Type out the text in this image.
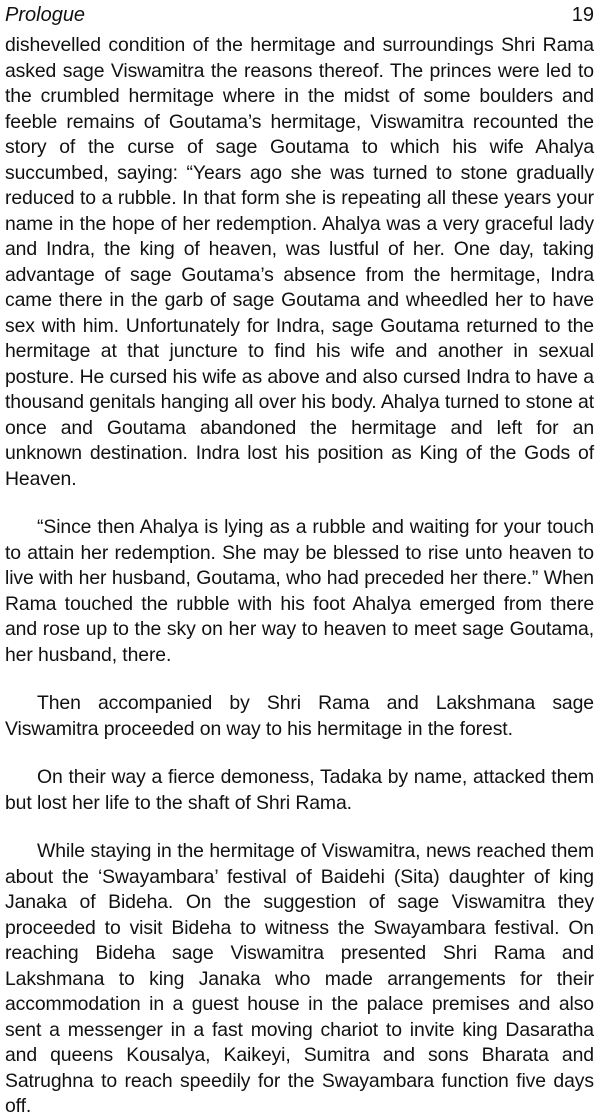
Prologue	19

dishevelled condition of the hermitage and surroundings Shri Rama asked sage Viswamitra the reasons thereof. The princes were led to the crumbled hermitage where in the midst of some boulders and feeble remains of Goutama’s hermitage, Viswamitra recounted the story of the curse of sage Goutama to which his wife Ahalya succumbed, saying: “Years ago she was turned to stone gradually reduced to a rubble. In that form she is repeating all these years your name in the hope of her redemption. Ahalya was a very graceful lady and Indra, the king of heaven, was lustful of her. One day, taking advantage of sage Goutama’s absence from the hermitage, Indra came there in the garb of sage Goutama and wheedled her to have sex with him. Unfortunately for Indra, sage Goutama returned to the hermitage at that juncture to find his wife and another in sexual posture. He cursed his wife as above and also cursed Indra to have a thousand genitals hanging all over his body. Ahalya turned to stone at once and Goutama abandoned the hermitage and left for an unknown destination. Indra lost his position as King of the Gods of Heaven.

“Since then Ahalya is lying as a rubble and waiting for your touch to attain her redemption. She may be blessed to rise unto heaven to live with her husband, Goutama, who had preceded her there.” When Rama touched the rubble with his foot Ahalya emerged from there and rose up to the sky on her way to heaven to meet sage Goutama, her husband, there.

Then accompanied by Shri Rama and Lakshmana sage Viswamitra proceeded on way to his hermitage in the forest.

On their way a fierce demoness, Tadaka by name, attacked them but lost her life to the shaft of Shri Rama.

While staying in the hermitage of Viswamitra, news reached them about the ‘Swayambara’ festival of Baidehi (Sita) daughter of king Janaka of Bideha. On the suggestion of sage Viswamitra they proceeded to visit Bideha to witness the Swayambara festival. On reaching Bideha sage Viswamitra presented Shri Rama and Lakshmana to king Janaka who made arrangements for their accommodation in a guest house in the palace premises and also sent a messenger in a fast moving chariot to invite king Dasaratha and queens Kousalya, Kaikeyi, Sumitra and sons Bharata and Satrughna to reach speedily for the Swayambara function five days off.
